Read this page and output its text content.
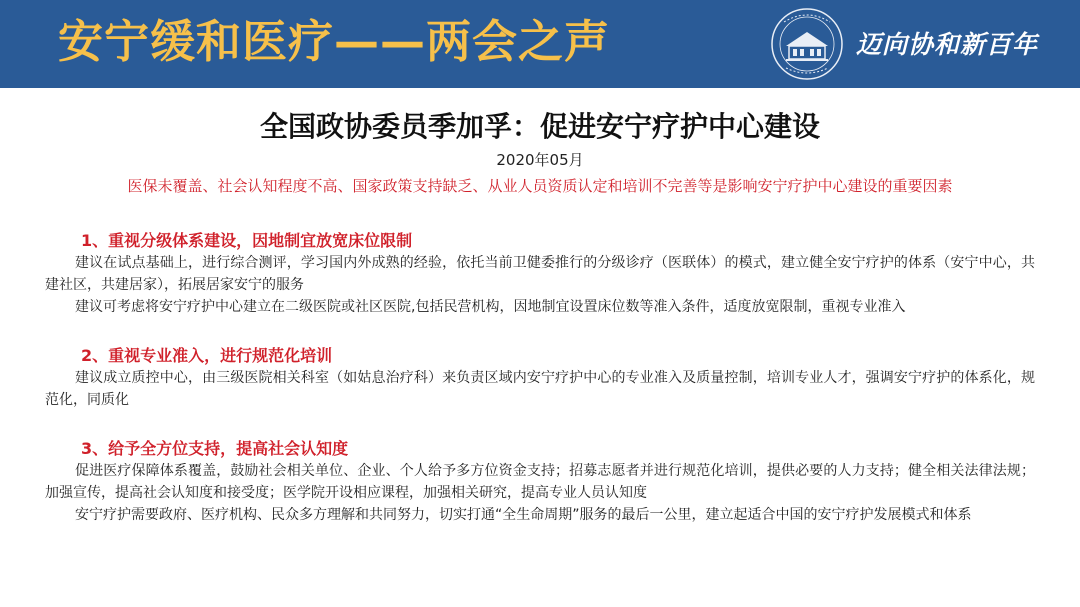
安宁缓和医疗——两会之声	迈向协和新百年
全国政协委员季加孚：促进安宁疗护中心建设
2020年05月
医保未覆盖、社会认知程度不高、国家政策支持缺乏、从业人员资质认定和培训不完善等是影响安宁疗护中心建设的重要因素
1、重视分级体系建设，因地制宜放宽床位限制

建议在试点基础上，进行综合测评，学习国内外成熟的经验，依托当前卫健委推行的分级诊疗（医联体）的模式，建立健全安宁疗护的体系（安宁中心，共建社区，共建居家），拓展居家安宁的服务

建议可考虑将安宁疗护中心建立在二级医院或社区医院,包括民营机构，因地制宜设置床位数等准入条件，适度放宽限制，重视专业准入

2、重视专业准入，进行规范化培训

建议成立质控中心，由三级医院相关科室（如姑息治疗科）来负责区域内安宁疗护中心的专业准入及质量控制，培训专业人才，强调安宁疗护的体系化，规范化，同质化

3、给予全方位支持，提高社会认知度

促进医疗保障体系覆盖，鼓励社会相关单位、企业、个人给予多方位资金支持；招募志愿者并进行规范化培训，提供必要的人力支持；健全相关法律法规；加强宣传，提高社会认知度和接受度；医学院开设相应课程，加强相关研究，提高专业人员认知度

安宁疗护需要政府、医疗机构、民众多方理解和共同努力，切实打通“全生命周期”服务的最后一公里，建立起适合中国的安宁疗护发展模式和体系
